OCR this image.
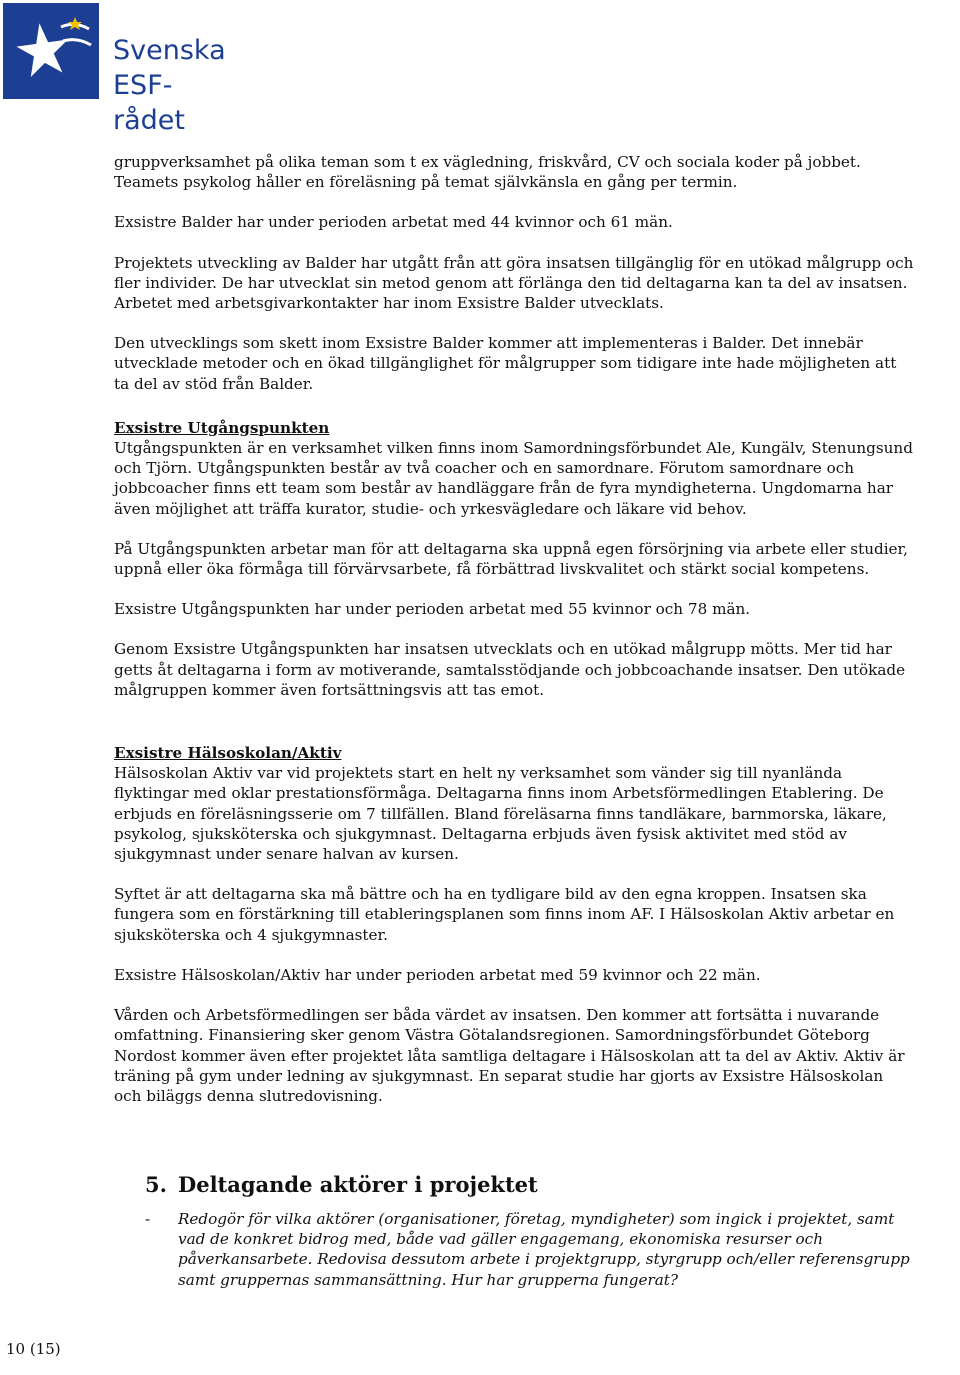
Svenska
ESF-rådet

gruppverksamhet på olika teman som t ex vägledning, friskvård, CV och sociala koder på jobbet. Teamets psykolog håller en föreläsning på temat självkänsla en gång per termin.

Exsistre Balder har under perioden arbetat med 44 kvinnor och 61 män.

Projektets utveckling av Balder har utgått från att göra insatsen tillgänglig för en utökad målgrupp och fler individer. De har utvecklat sin metod genom att förlänga den tid deltagarna kan ta del av insatsen. Arbetet med arbetsgivarkontakter har inom Exsistre Balder utvecklats.

Den utvecklings som skett inom Exsistre Balder kommer att implementeras i Balder. Det innebär utvecklade metoder och en ökad tillgänglighet för målgrupper som tidigare inte hade möjligheten att ta del av stöd från Balder.

Exsistre Utgångspunkten

Utgångspunkten är en verksamhet vilken finns inom Samordningsförbundet Ale, Kungälv, Stenungsund och Tjörn. Utgångspunkten består av två coacher och en samordnare. Förutom samordnare och jobbcoacher finns ett team som består av handläggare från de fyra myndigheterna. Ungdomarna har även möjlighet att träffa kurator, studie- och yrkesvägledare och läkare vid behov.

På Utgångspunkten arbetar man för att deltagarna ska uppnå egen försörjning via arbete eller studier, uppnå eller öka förmåga till förvärvsarbete, få förbättrad livskvalitet och stärkt social kompetens.

Exsistre Utgångspunkten har under perioden arbetat med 55 kvinnor och 78 män.

Genom Exsistre Utgångspunkten har insatsen utvecklats och en utökad målgrupp mötts. Mer tid har getts åt deltagarna i form av motiverande, samtalsstödjande och jobbcoachande insatser. Den utökade målgruppen kommer även fortsättningsvis att tas emot.

Exsistre Hälsoskolan/Aktiv

Hälsoskolan Aktiv var vid projektets start en helt ny verksamhet som vänder sig till nyanlända flyktingar med oklar prestationsförmåga. Deltagarna finns inom Arbetsförmedlingen Etablering. De erbjuds en föreläsningsserie om 7 tillfällen. Bland föreläsarna finns tandläkare, barnmorska, läkare, psykolog, sjuksköterska och sjukgymnast. Deltagarna erbjuds även fysisk aktivitet med stöd av sjukgymnast under senare halvan av kursen.

Syftet är att deltagarna ska må bättre och ha en tydligare bild av den egna kroppen. Insatsen ska fungera som en förstärkning till etableringsplanen som finns inom AF. I Hälsoskolan Aktiv arbetar en sjuksköterska och 4 sjukgymnaster.

Exsistre Hälsoskolan/Aktiv har under perioden arbetat med 59 kvinnor och 22 män.

Vården och Arbetsförmedlingen ser båda värdet av insatsen. Den kommer att fortsätta i nuvarande omfattning. Finansiering sker genom Västra Götalandsregionen. Samordningsförbundet Göteborg Nordost kommer även efter projektet låta samtliga deltagare i Hälsoskolan att ta del av Aktiv. Aktiv är träning på gym under ledning av sjukgymnast. En separat studie har gjorts av Exsistre Hälsoskolan och biläggs denna slutredovisning.

5. Deltagande aktörer i projektet
- Redogör för vilka aktörer (organisationer, företag, myndigheter) som ingick i projektet, samt vad de konkret bidrog med, både vad gäller engagemang, ekonomiska resurser och påverkansarbete. Redovisa dessutom arbete i projektgrupp, styrgrupp och/eller referensgrupp samt gruppernas sammansättning. Hur har grupperna fungerat?
10 (15)
